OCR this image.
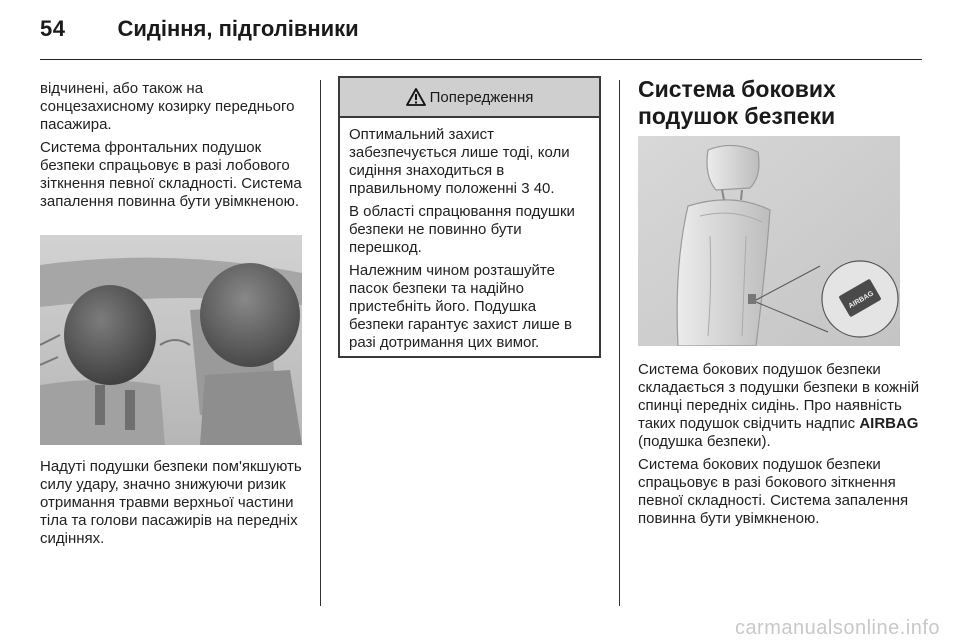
54 Сидіння, підголівники

відчинені, або також на сонцезахисному козирку переднього пасажира.

Система фронтальних подушок безпеки спрацьовує в разі лобового зіткнення певної складності. Система запалення повинна бути увімкненою.

Надуті подушки безпеки пом'якшують силу удару, значно знижуючи ризик отримання травми верхньої частини тіла та голови пасажирів на передніх сидіннях.
Попередження

Оптимальний захист забезпечується лише тоді, коли сидіння знаходиться в правильному положенні 3 40.

В області спрацювання подушки безпеки не повинно бути перешкод.

Належним чином розташуйте пасок безпеки та надійно пристебніть його. Подушка безпеки гарантує захист лише в разі дотримання цих вимог.

Система бокових подушок безпеки
AIRBAG

Система бокових подушок безпеки складається з подушки безпеки в кожній спинці передніх сидінь. Про наявність таких подушок свідчить надпис AIRBAG (подушка безпеки).

Система бокових подушок безпеки спрацьовує в разі бокового зіткнення певної складності. Система запалення повинна бути увімкненою.

carmanualsonline.info
